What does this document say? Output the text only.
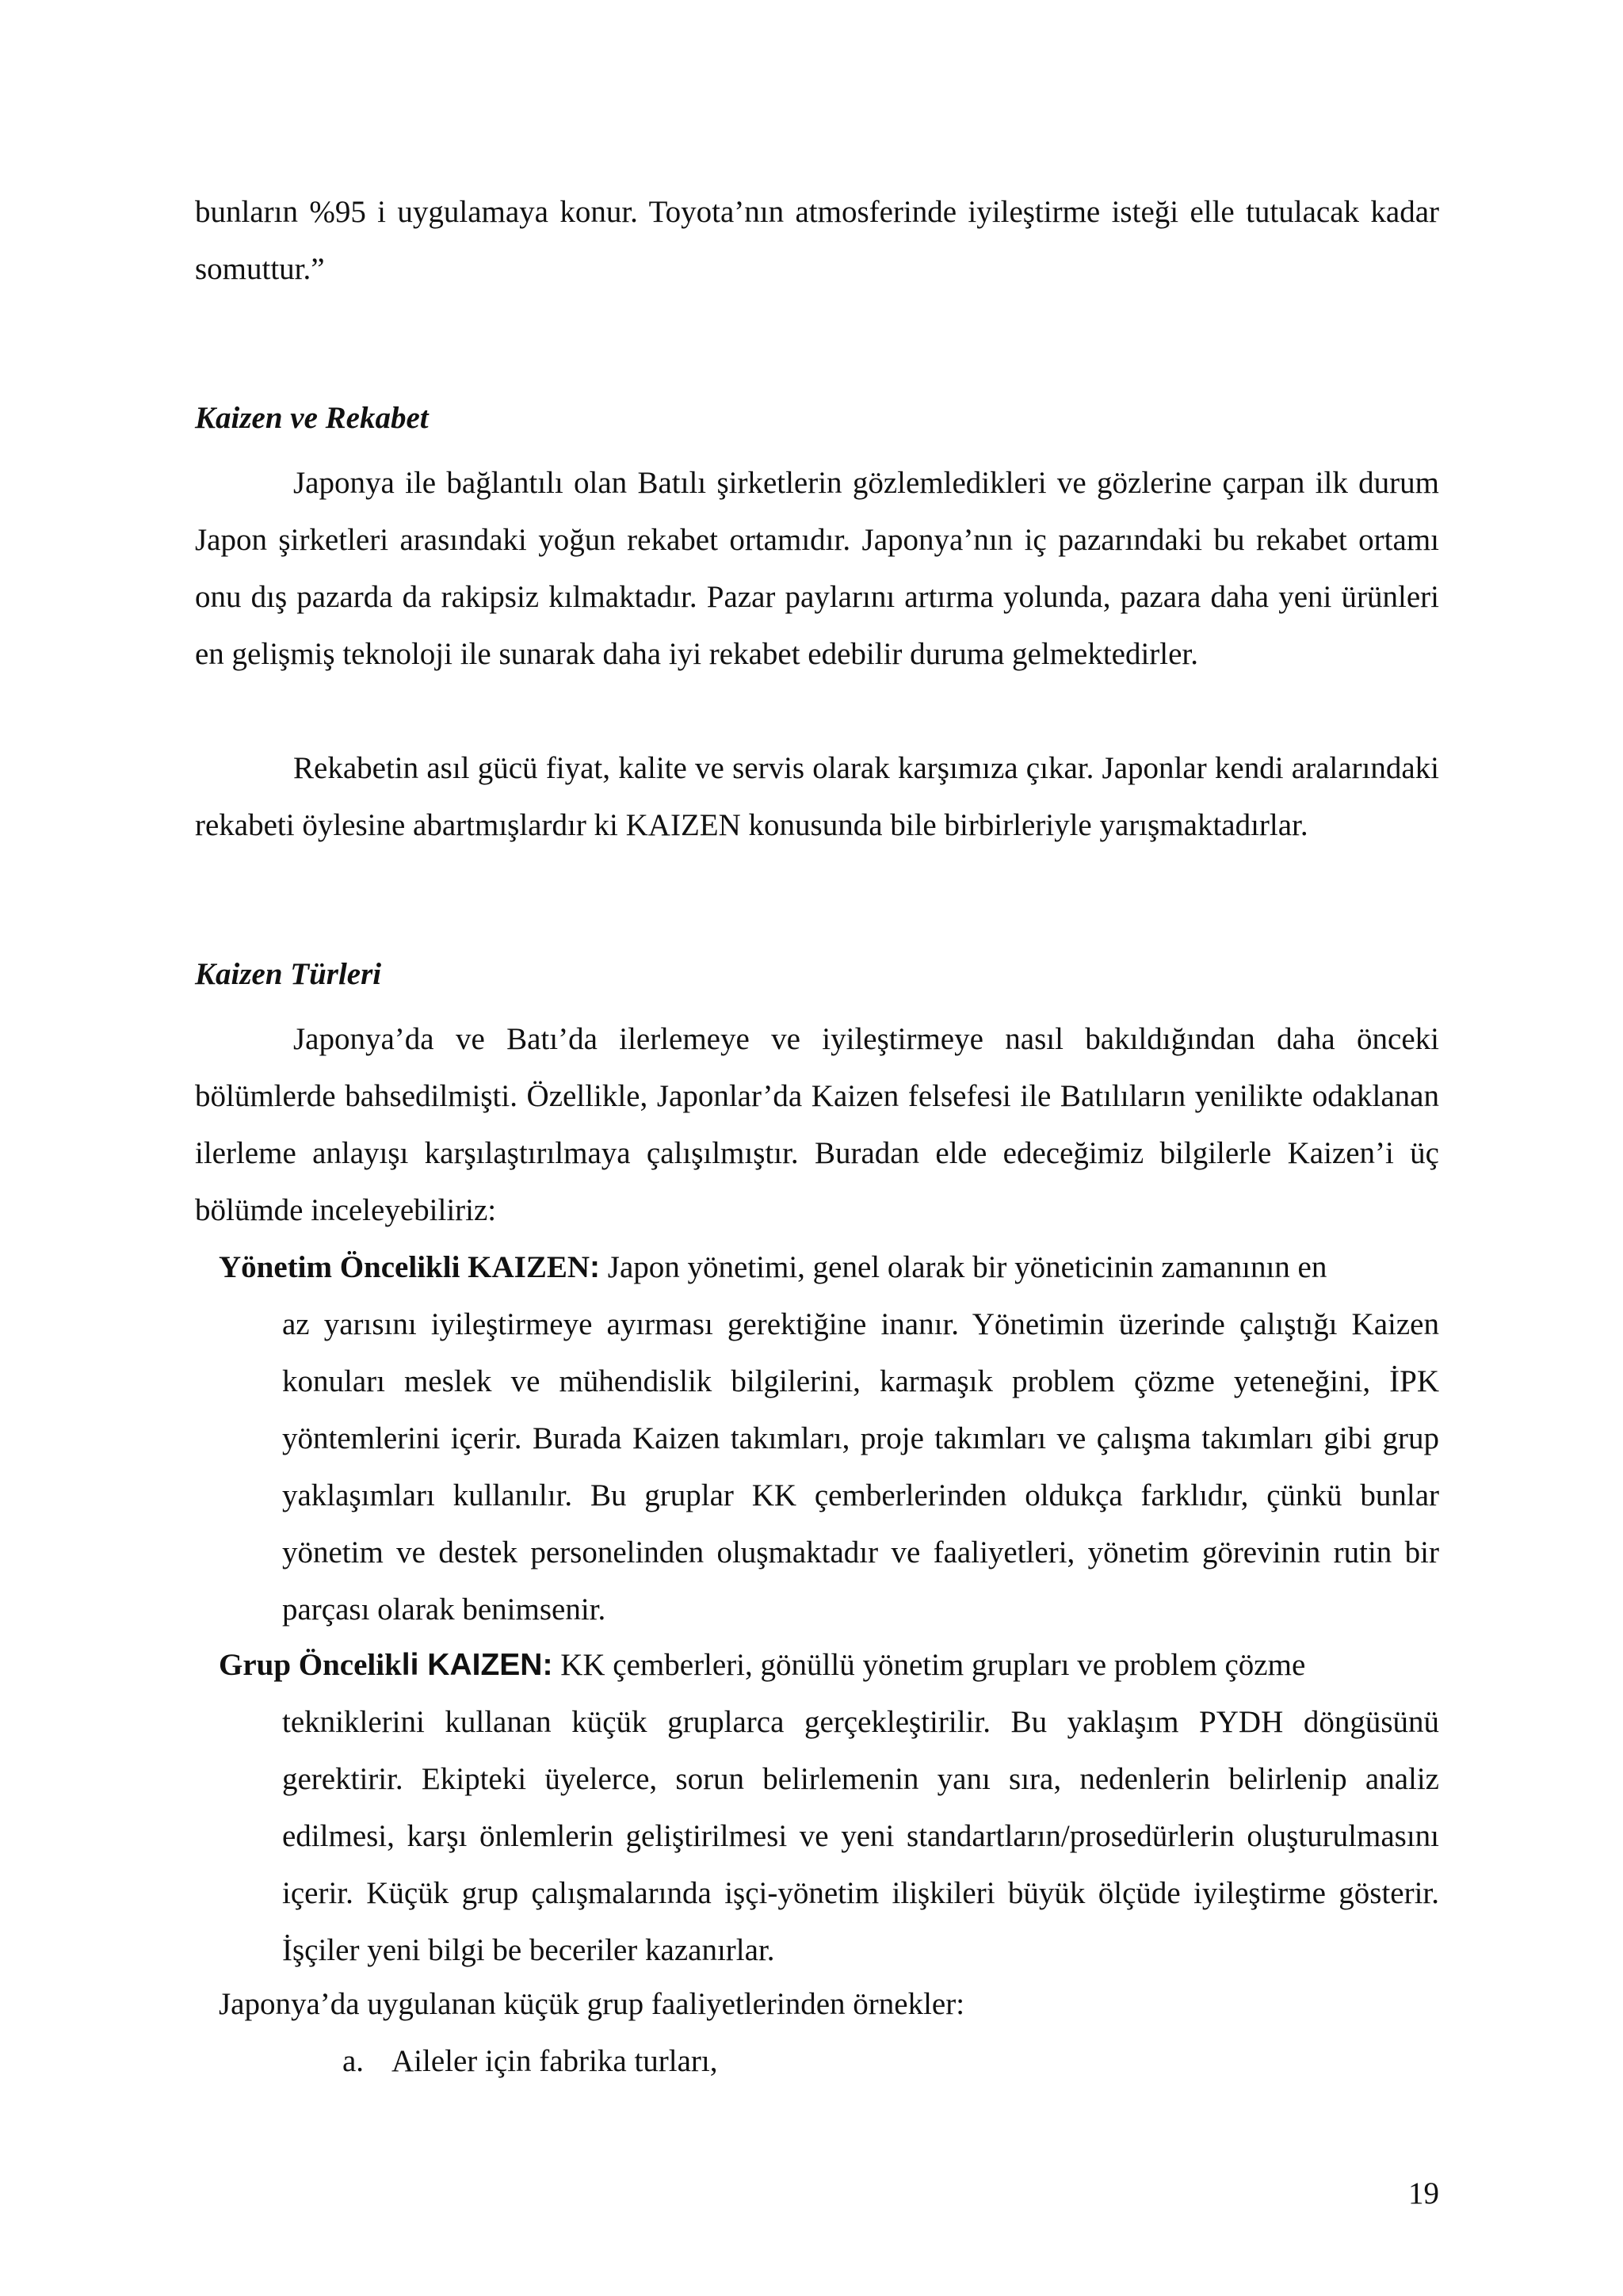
bunların %95 i uygulamaya konur. Toyota’nın atmosferinde iyileştirme isteği elle tutulacak kadar somuttur.”
Kaizen ve Rekabet
Japonya ile bağlantılı olan Batılı şirketlerin gözlemledikleri ve gözlerine çarpan ilk durum Japon şirketleri arasındaki yoğun rekabet ortamıdır. Japonya’nın iç pazarındaki bu rekabet ortamı onu dış pazarda da rakipsiz kılmaktadır. Pazar paylarını artırma yolunda, pazara daha yeni ürünleri en gelişmiş teknoloji ile sunarak daha iyi rekabet edebilir duruma gelmektedirler.
Rekabetin asıl gücü fiyat, kalite ve servis olarak karşımıza çıkar. Japonlar kendi aralarındaki rekabeti öylesine abartmışlardır ki KAIZEN konusunda bile birbirleriyle yarışmaktadırlar.
Kaizen Türleri
Japonya’da ve Batı’da ilerlemeye ve iyileştirmeye nasıl bakıldığından daha önceki bölümlerde bahsedilmişti. Özellikle, Japonlar’da Kaizen felsefesi ile Batılıların yenilikte odaklanan ilerleme anlayışı karşılaştırılmaya çalışılmıştır. Buradan elde edeceğimiz bilgilerle Kaizen’i üç bölümde inceleyebiliriz:
Yönetim Öncelikli KAIZEN: Japon yönetimi, genel olarak bir yöneticinin zamanının en
az yarısını iyileştirmeye ayırması gerektiğine inanır. Yönetimin üzerinde çalıştığı Kaizen konuları meslek ve mühendislik bilgilerini, karmaşık problem çözme yeteneğini, İPK yöntemlerini içerir. Burada Kaizen takımları, proje takımları ve çalışma takımları gibi grup yaklaşımları kullanılır. Bu gruplar KK çemberlerinden oldukça farklıdır, çünkü bunlar yönetim ve destek personelinden oluşmaktadır ve faaliyetleri, yönetim görevinin rutin bir parçası olarak benimsenir.
Grup Öncelikli KAIZEN: KK çemberleri, gönüllü yönetim grupları ve problem çözme
tekniklerini kullanan küçük gruplarca gerçekleştirilir. Bu yaklaşım PYDH döngüsünü gerektirir. Ekipteki üyelerce, sorun belirlemenin yanı sıra, nedenlerin belirlenip analiz edilmesi, karşı önlemlerin geliştirilmesi ve yeni standartların/prosedürlerin oluşturulmasını içerir. Küçük grup çalışmalarında işçi-yönetim ilişkileri büyük ölçüde iyileştirme gösterir. İşçiler yeni bilgi be beceriler kazanırlar.
Japonya’da uygulanan küçük grup faaliyetlerinden örnekler:
a. Aileler için fabrika turları,
19
